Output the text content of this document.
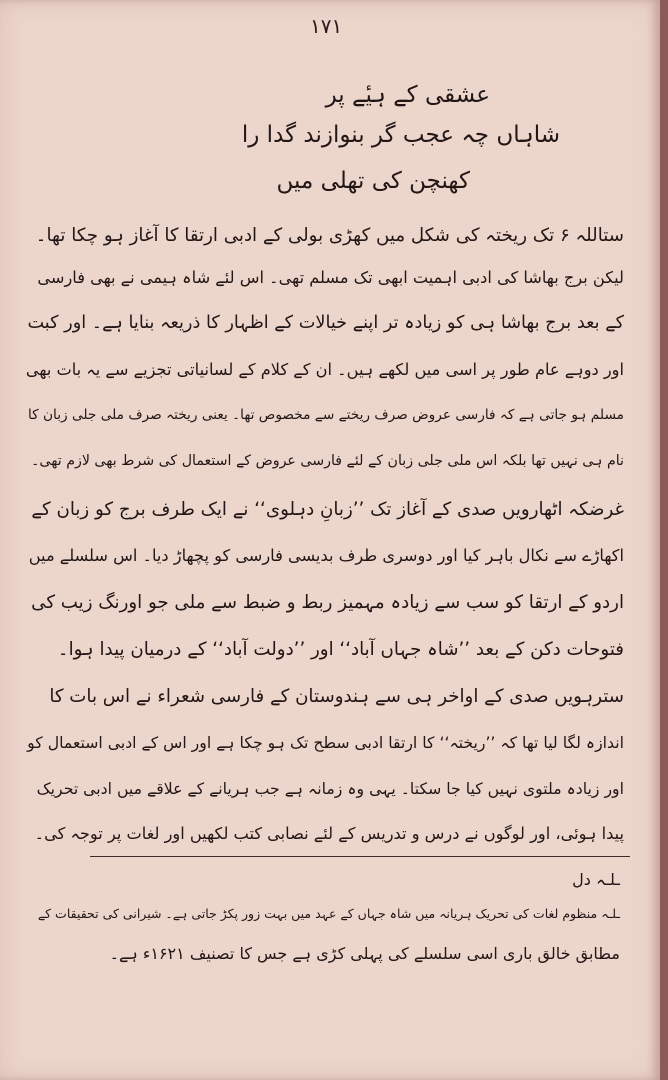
۱۷۱
عشقی کے ہیٔے پر
شاہاں چہ عجب گر بنوازند گدا را
کھنچن کی تھلی میں
ستاللہ ۶ تک ریختہ کی شکل میں کھڑی بولی کے ادبی ارتقا کا آغاز ہو چکا تھا۔
لیکن برج بھاشا کی ادبی اہمیت ابھی تک مسلم تھی۔ اس لئے شاہ ہیمی نے بھی فارسی
کے بعد برج بھاشا ہی کو زیادہ تر اپنے خیالات کے اظہار کا ذریعہ بنایا ہے۔ اور کبت
اور دوہے عام طور پر اسی میں لکھے ہیں۔ ان کے کلام کے لسانیاتی تجزیے سے یہ بات بھی
مسلم ہو جاتی ہے کہ فارسی عروض صرف ریختے سے مخصوص تھا۔ یعنی ریختہ صرف ملی جلی زبان کا
نام ہی نہیں تھا بلکہ اس ملی جلی زبان کے لئے فارسی عروض کے استعمال کی شرط بھی لازم تھی۔
غرضکہ اٹھارویں صدی کے آغاز تک ’’زبانِ دہلوی‘‘ نے ایک طرف برج کو زبان کے
اکھاڑے سے نکال باہر کیا اور دوسری طرف بدیسی فارسی کو پچھاڑ دیا۔ اس سلسلے میں
اردو کے ارتقا کو سب سے زیادہ مہمیز ربط و ضبط سے ملی جو اورنگ زیب کی
فتوحات دکن کے بعد ’’شاہ جہاں آباد‘‘ اور ’’دولت آباد‘‘ کے درمیان پیدا ہوا۔
سترہویں صدی کے اواخر ہی سے ہندوستان کے فارسی شعراء نے اس بات کا
اندازہ لگا لیا تھا کہ ’’ریختہ‘‘ کا ارتقا ادبی سطح تک ہو چکا ہے اور اس کے ادبی استعمال کو
اور زیادہ ملتوی نہیں کیا جا سکتا۔ یہی وہ زمانہ ہے جب ہریانے کے علاقے میں ادبی تحریک
پیدا ہوئی، اور لوگوں نے درس و تدریس کے لئے نصابی کتب لکھیں اور لغات پر توجہ کی۔
ـلـہ دل
ـلـہ منظوم لغات کی تحریک ہریانہ میں شاہ جہاں کے عہد میں بہت زور پکڑ جاتی ہے۔ شیرانی کی تحقیقات کے
مطابق خالق باری اسی سلسلے کی پہلی کڑی ہے جس کا تصنیف ۱۶۲۱ء ہے۔
